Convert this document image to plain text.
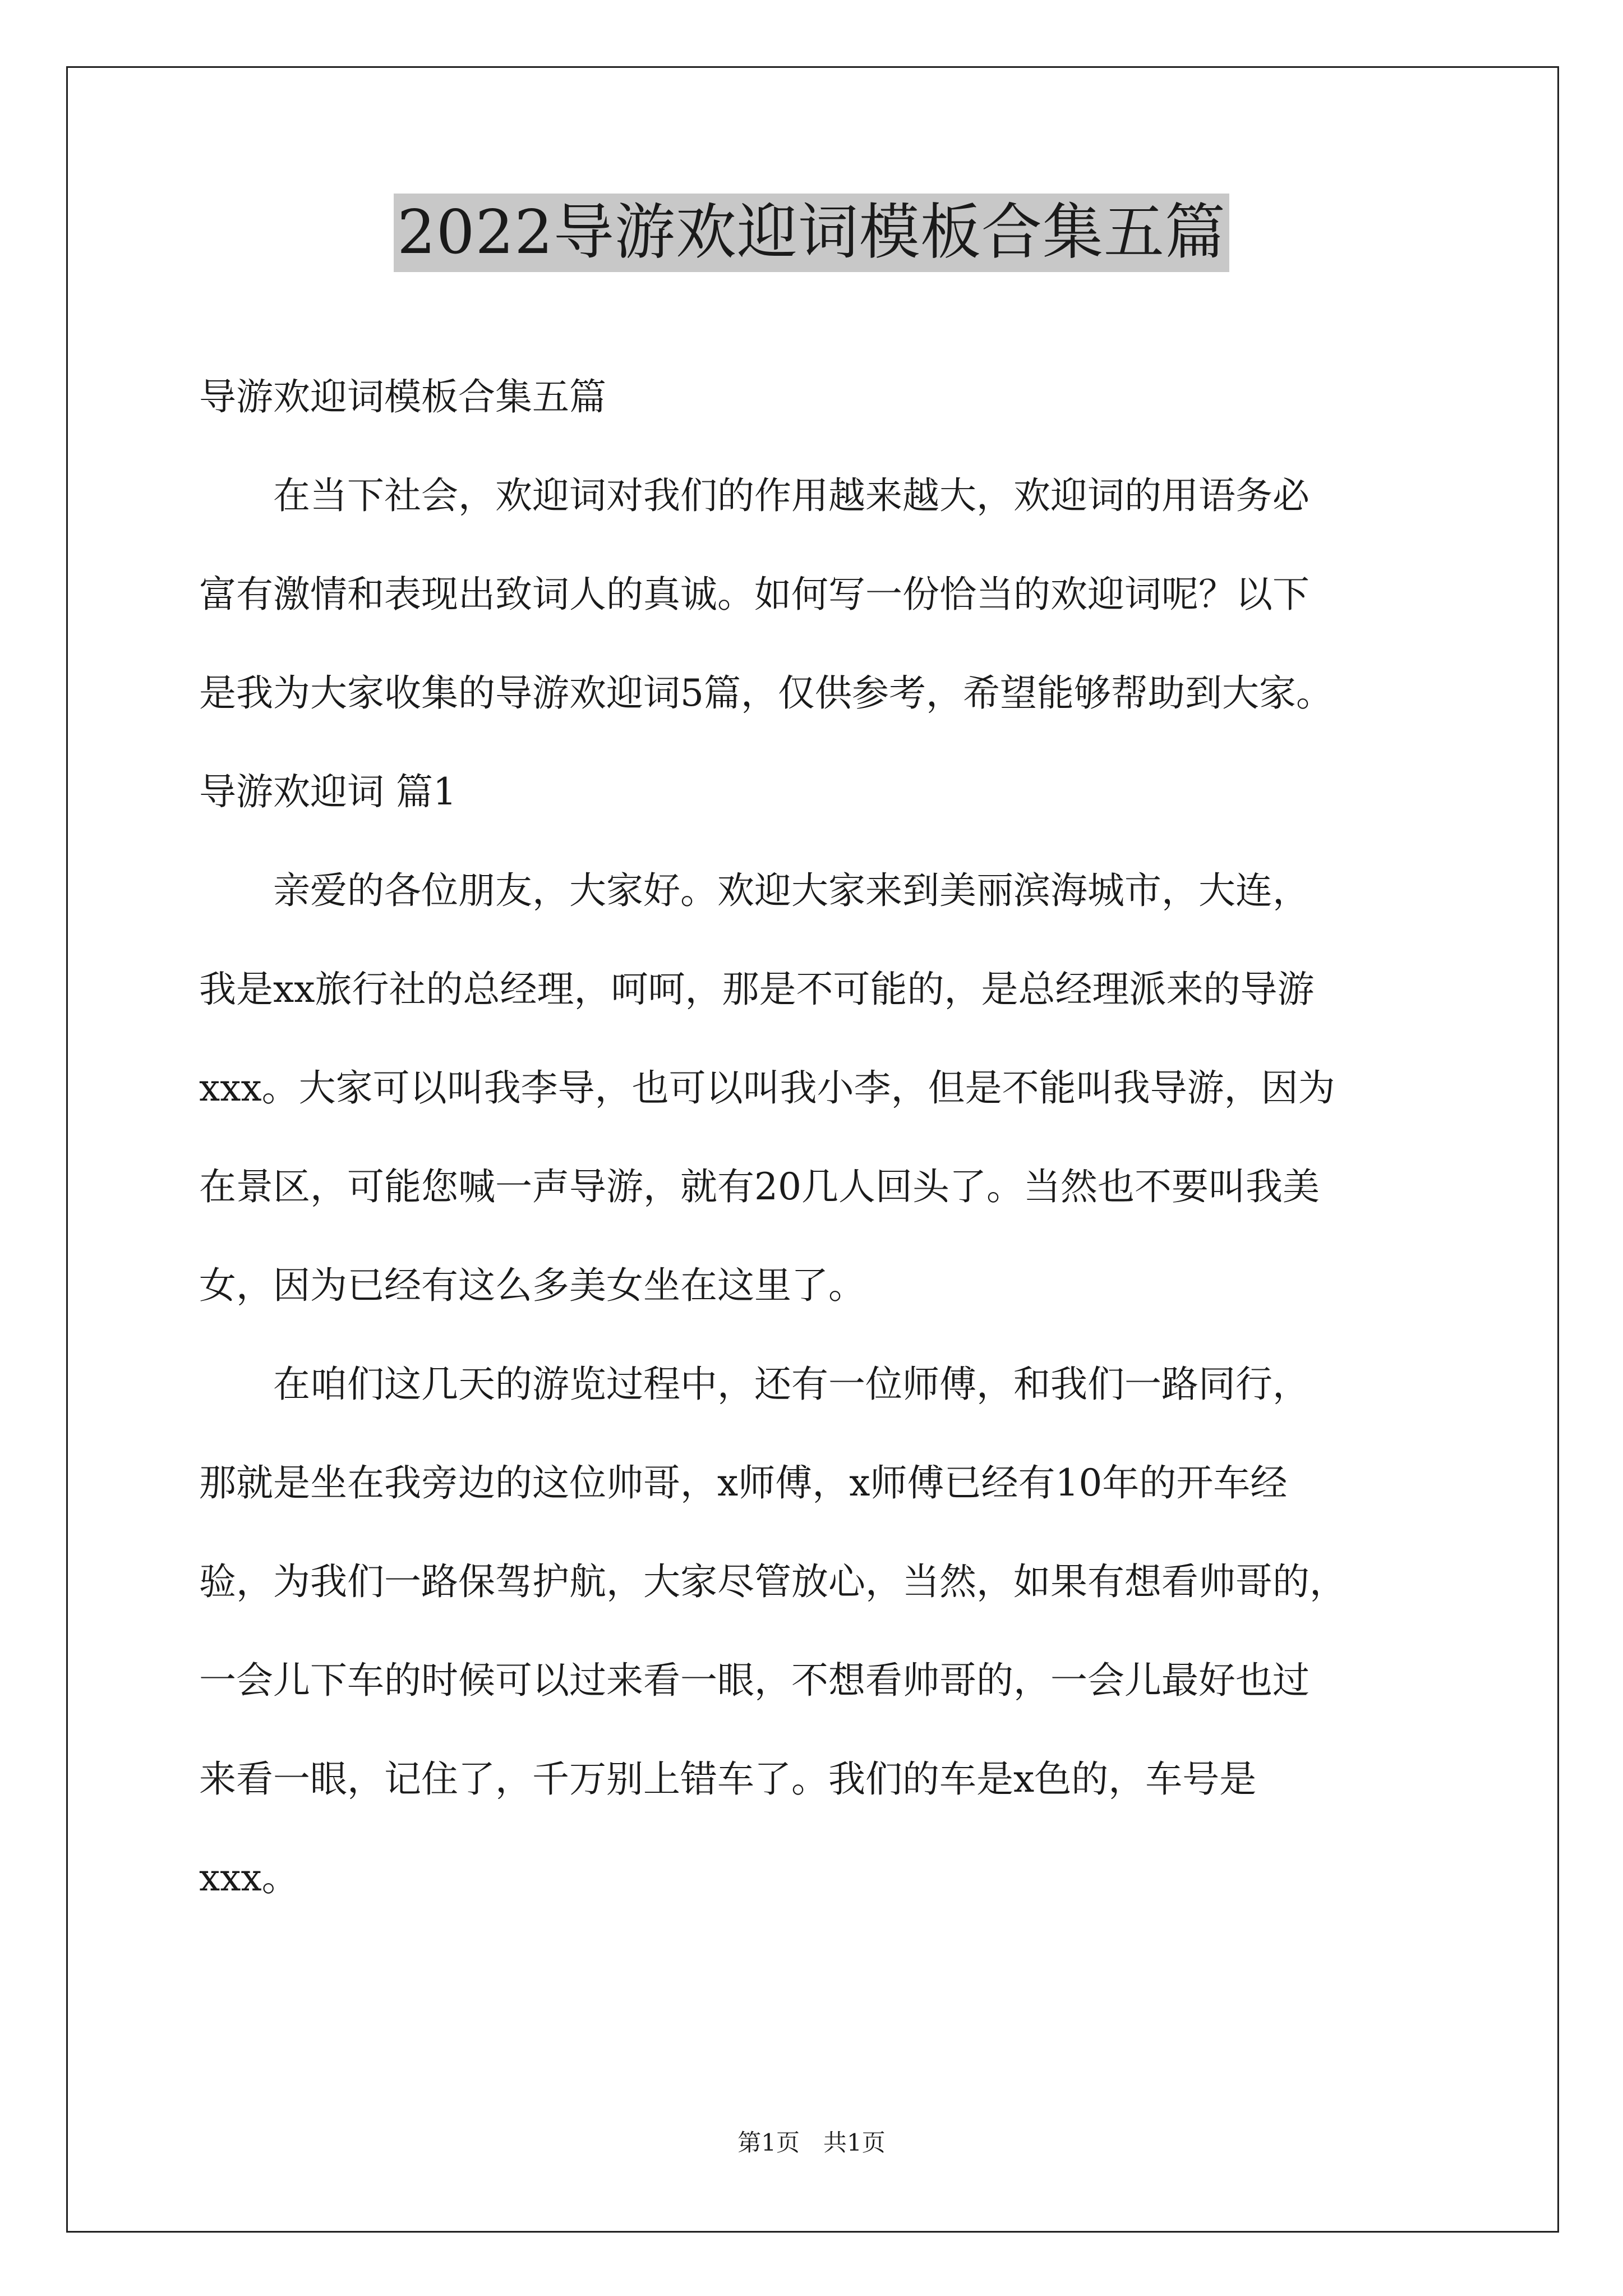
2022导游欢迎词模板合集五篇

导游欢迎词模板合集五篇

在当下社会，欢迎词对我们的作用越来越大，欢迎词的用语务必

富有激情和表现出致词人的真诚。如何写一份恰当的欢迎词呢？以下

是我为大家收集的导游欢迎词5篇，仅供参考，希望能够帮助到大家。

导游欢迎词 篇1

亲爱的各位朋友，大家好。欢迎大家来到美丽滨海城市，大连，

我是xx旅行社的总经理，呵呵，那是不可能的，是总经理派来的导游

xxx。大家可以叫我李导，也可以叫我小李，但是不能叫我导游，因为

在景区，可能您喊一声导游，就有20几人回头了。当然也不要叫我美

女，因为已经有这么多美女坐在这里了。

在咱们这几天的游览过程中，还有一位师傅，和我们一路同行，

那就是坐在我旁边的这位帅哥，x师傅，x师傅已经有10年的开车经

验，为我们一路保驾护航，大家尽管放心，当然，如果有想看帅哥的，

一会儿下车的时候可以过来看一眼，不想看帅哥的，一会儿最好也过

来看一眼，记住了，千万别上错车了。我们的车是x色的，车号是

xxx。

第1页　共1页
